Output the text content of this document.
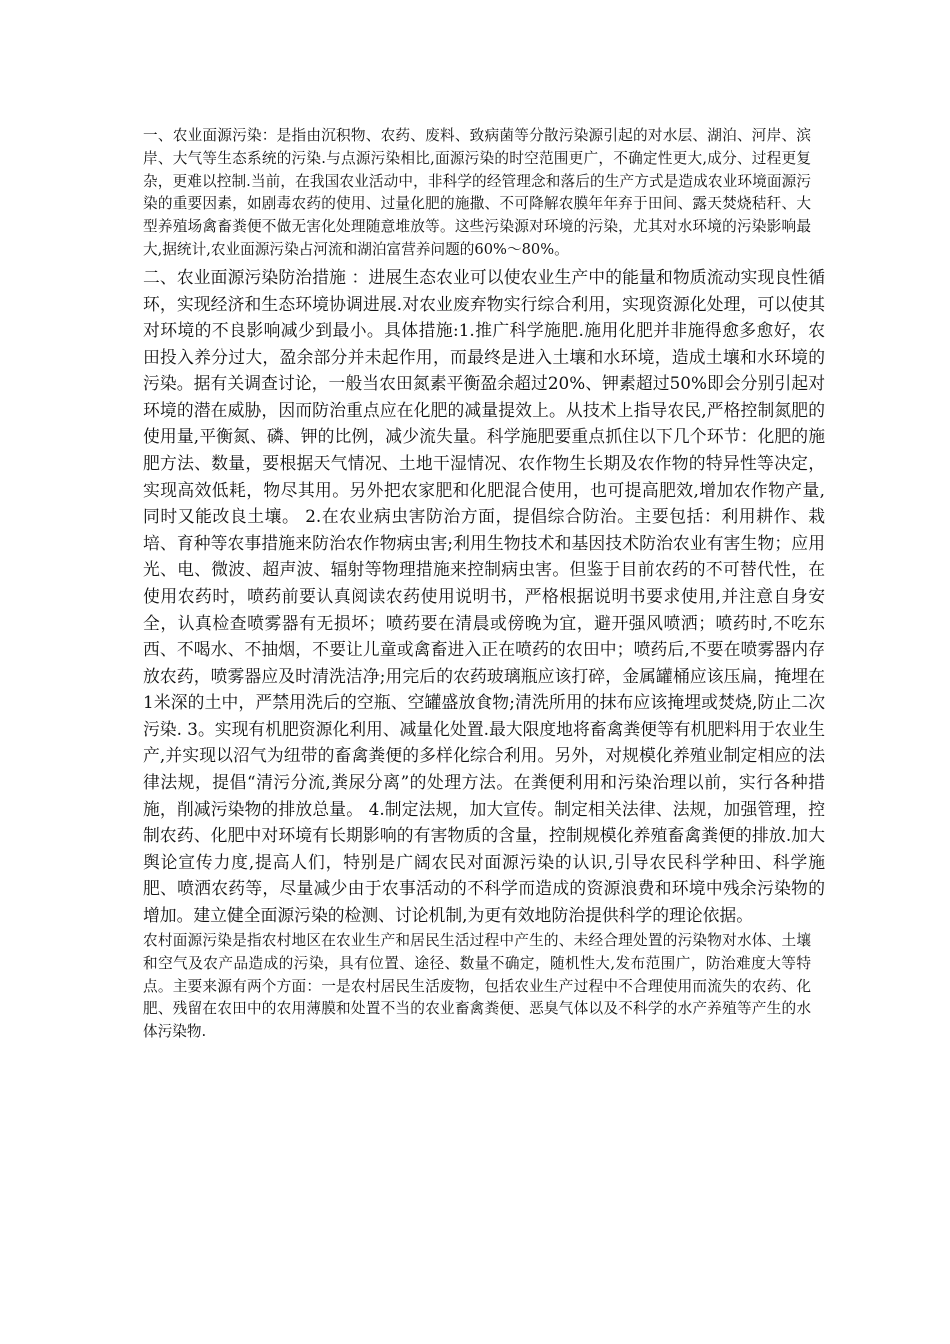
一、农业面源污染：是指由沉积物、农药、废料、致病菌等分散污染源引起的对水层、湖泊、河岸、滨岸、大气等生态系统的污染.与点源污染相比,面源污染的时空范围更广，不确定性更大,成分、过程更复杂，更难以控制.当前，在我国农业活动中，非科学的经管理念和落后的生产方式是造成农业环境面源污染的重要因素，如剧毒农药的使用、过量化肥的施撒、不可降解农膜年年弃于田间、露天焚烧秸秆、大型养殖场禽畜粪便不做无害化处理随意堆放等。这些污染源对环境的污染，尤其对水环境的污染影响最大,据统计,农业面源污染占河流和湖泊富营养问题的60%～80%。

二、农业面源污染防治措施 ：进展生态农业可以使农业生产中的能量和物质流动实现良性循环，实现经济和生态环境协调进展.对农业废弃物实行综合利用，实现资源化处理，可以使其对环境的不良影响减少到最小。具体措施:1.推广科学施肥.施用化肥并非施得愈多愈好，农田投入养分过大，盈余部分并未起作用，而最终是进入土壤和水环境，造成土壤和水环境的污染。据有关调查讨论，一般当农田氮素平衡盈余超过20%、钾素超过50%即会分别引起对环境的潜在威胁，因而防治重点应在化肥的减量提效上。从技术上指导农民,严格控制氮肥的使用量,平衡氮、磷、钾的比例，减少流失量。科学施肥要重点抓住以下几个环节：化肥的施肥方法、数量，要根据天气情况、土地干湿情况、农作物生长期及农作物的特异性等决定，实现高效低耗，物尽其用。另外把农家肥和化肥混合使用，也可提高肥效,增加农作物产量,同时又能改良土壤。 2.在农业病虫害防治方面，提倡综合防治。主要包括：利用耕作、栽培、育种等农事措施来防治农作物病虫害;利用生物技术和基因技术防治农业有害生物；应用光、电、微波、超声波、辐射等物理措施来控制病虫害。但鉴于目前农药的不可替代性，在使用农药时，喷药前要认真阅读农药使用说明书，严格根据说明书要求使用,并注意自身安全，认真检查喷雾器有无损坏；喷药要在清晨或傍晚为宜，避开强风喷洒；喷药时,不吃东西、不喝水、不抽烟，不要让儿童或禽畜进入正在喷药的农田中；喷药后,不要在喷雾器内存放农药，喷雾器应及时清洗洁净;用完后的农药玻璃瓶应该打碎，金属罐桶应该压扁，掩埋在1米深的土中，严禁用洗后的空瓶、空罐盛放食物;清洗所用的抹布应该掩埋或焚烧,防止二次污染. 3。实现有机肥资源化利用、减量化处置.最大限度地将畜禽粪便等有机肥料用于农业生产,并实现以沼气为纽带的畜禽粪便的多样化综合利用。另外，对规模化养殖业制定相应的法律法规，提倡“清污分流,粪尿分离”的处理方法。在粪便利用和污染治理以前，实行各种措施，削减污染物的排放总量。 4.制定法规，加大宣传。制定相关法律、法规，加强管理，控制农药、化肥中对环境有长期影响的有害物质的含量，控制规模化养殖畜禽粪便的排放.加大舆论宣传力度,提高人们，特别是广阔农民对面源污染的认识,引导农民科学种田、科学施肥、喷洒农药等，尽量减少由于农事活动的不科学而造成的资源浪费和环境中残余污染物的增加。建立健全面源污染的检测、讨论机制,为更有效地防治提供科学的理论依据。

农村面源污染是指农村地区在农业生产和居民生活过程中产生的、未经合理处置的污染物对水体、土壤和空气及农产品造成的污染，具有位置、途径、数量不确定，随机性大,发布范围广，防治难度大等特点。主要来源有两个方面：一是农村居民生活废物，包括农业生产过程中不合理使用而流失的农药、化肥、残留在农田中的农用薄膜和处置不当的农业畜禽粪便、恶臭气体以及不科学的水产养殖等产生的水体污染物.
